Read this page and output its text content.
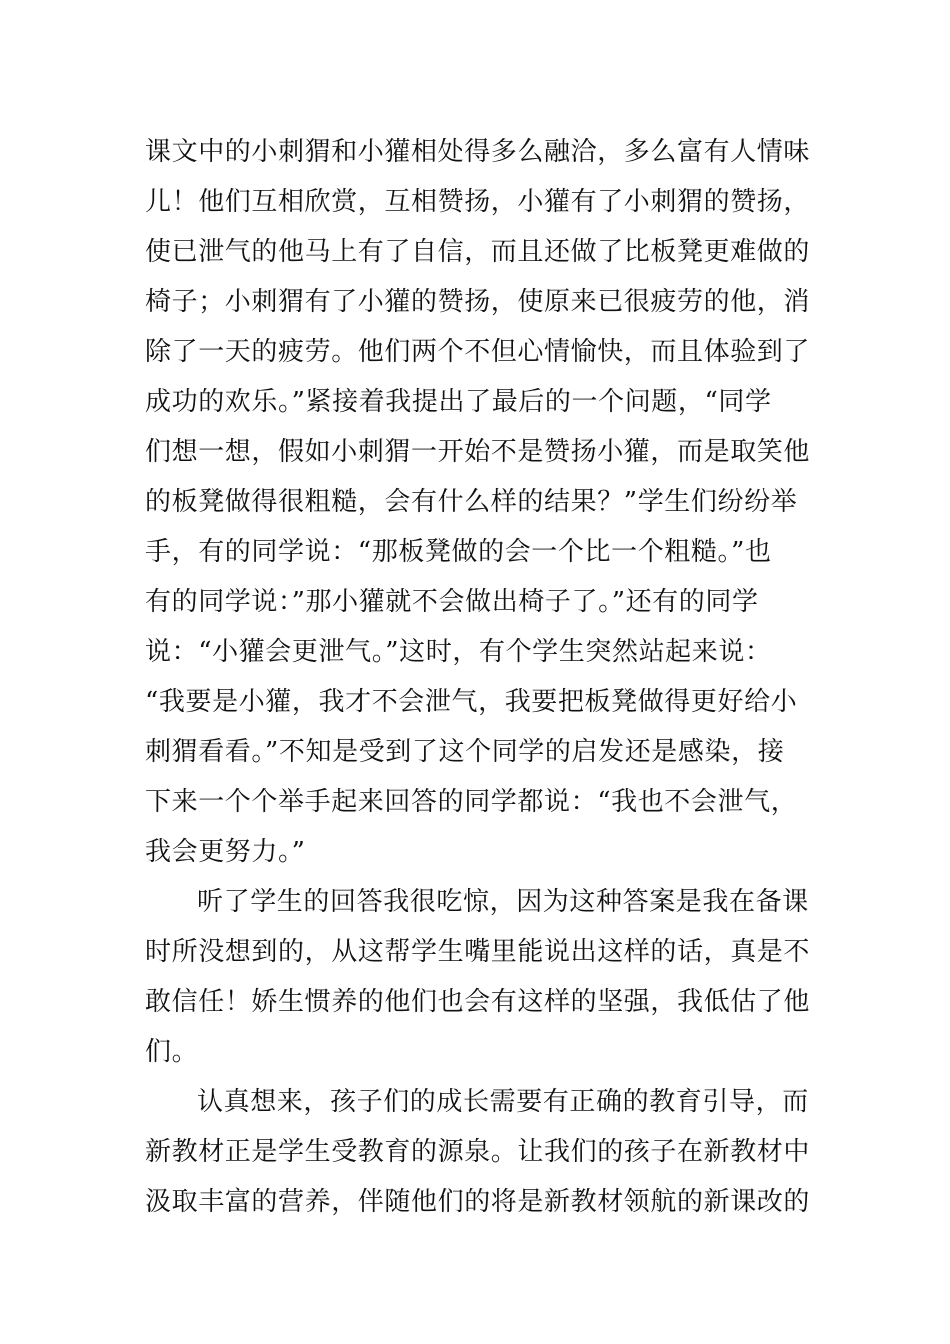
课文中的小刺猬和小獾相处得多么融洽，多么富有人情味
儿！他们互相欣赏，互相赞扬，小獾有了小刺猬的赞扬，
使已泄气的他马上有了自信，而且还做了比板凳更难做的
椅子；小刺猬有了小獾的赞扬，使原来已很疲劳的他，消
除了一天的疲劳。他们两个不但心情愉快，而且体验到了
成功的欢乐。”紧接着我提出了最后的一个问题，“同学
们想一想，假如小刺猬一开始不是赞扬小獾，而是取笑他
的板凳做得很粗糙，会有什么样的结果？”学生们纷纷举
手，有的同学说：“那板凳做的会一个比一个粗糙。”也
有的同学说：”那小獾就不会做出椅子了。”还有的同学
说：“小獾会更泄气。”这时，有个学生突然站起来说：
“我要是小獾，我才不会泄气，我要把板凳做得更好给小
刺猬看看。”不知是受到了这个同学的启发还是感染，接
下来一个个举手起来回答的同学都说：“我也不会泄气，
我会更努力。”
听了学生的回答我很吃惊，因为这种答案是我在备课
时所没想到的，从这帮学生嘴里能说出这样的话，真是不
敢信任！娇生惯养的他们也会有这样的坚强，我低估了他
们。
认真想来，孩子们的成长需要有正确的教育引导，而
新教材正是学生受教育的源泉。让我们的孩子在新教材中
汲取丰富的营养，伴随他们的将是新教材领航的新课改的
